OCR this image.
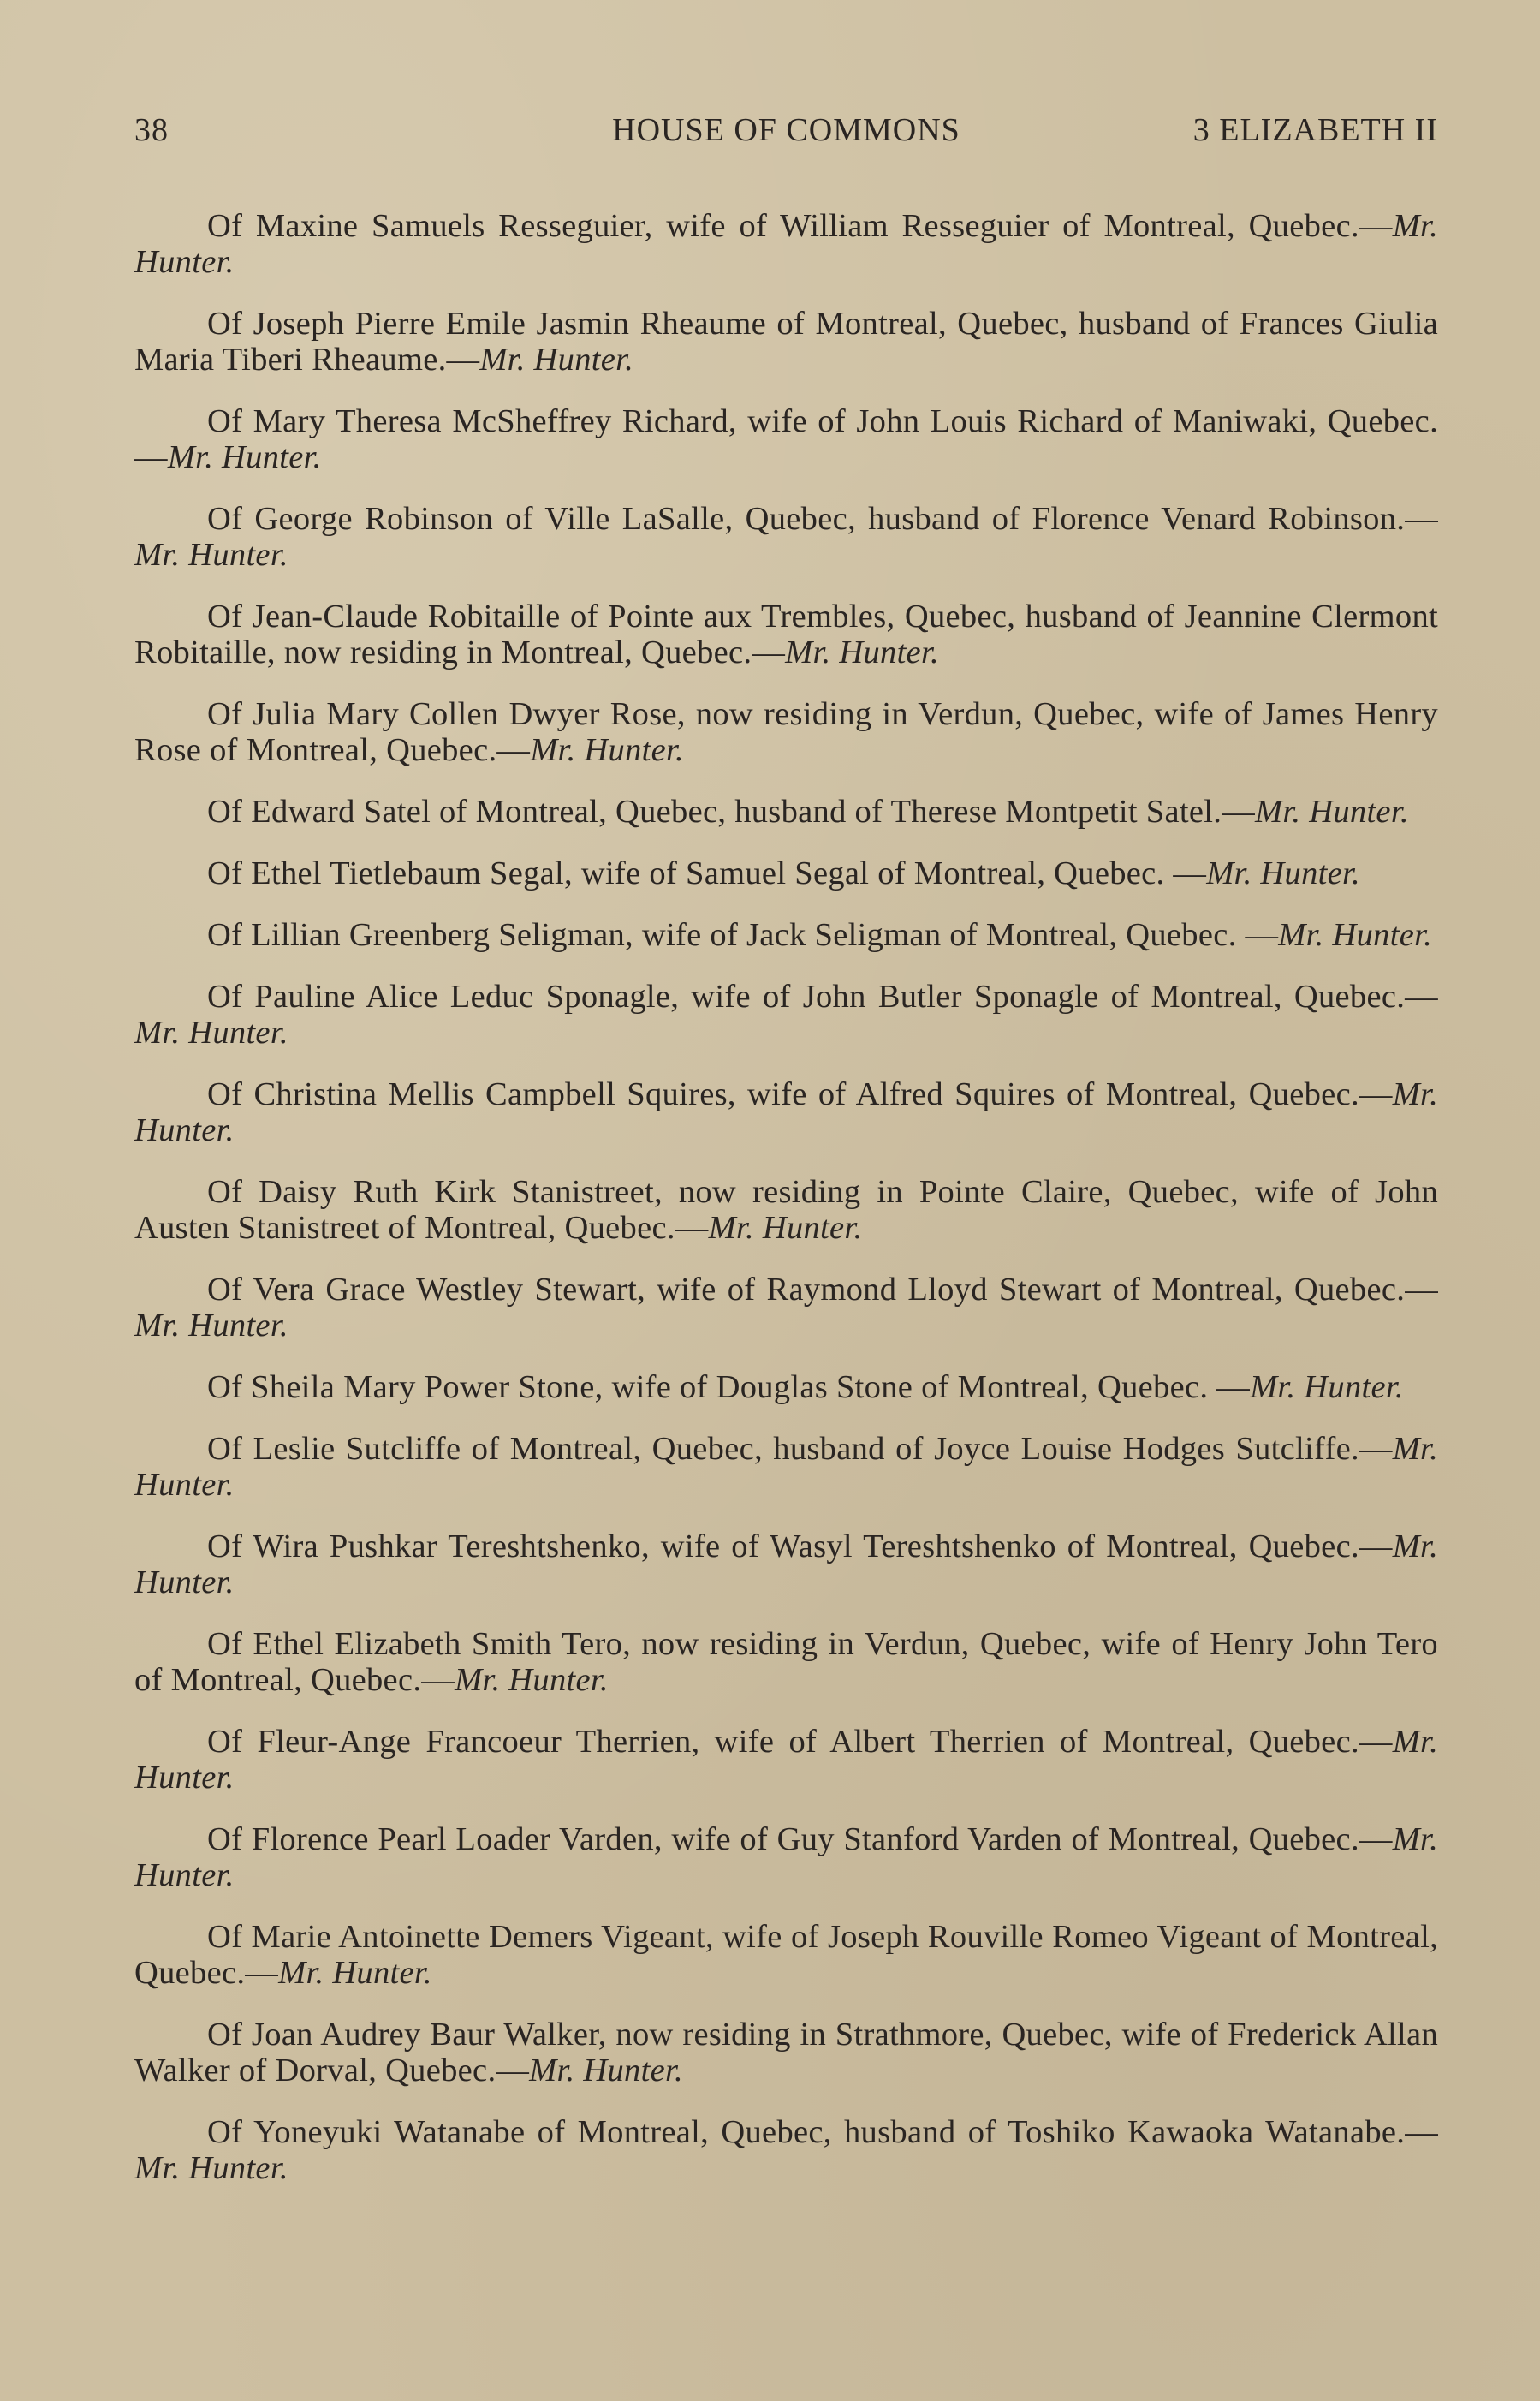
38	HOUSE OF COMMONS	3 ELIZABETH II

Of Maxine Samuels Resseguier, wife of William Resseguier of Montreal, Quebec.—Mr. Hunter.

Of Joseph Pierre Emile Jasmin Rheaume of Montreal, Quebec, husband of Frances Giulia Maria Tiberi Rheaume.—Mr. Hunter.

Of Mary Theresa McSheffrey Richard, wife of John Louis Richard of Maniwaki, Quebec.—Mr. Hunter.

Of George Robinson of Ville LaSalle, Quebec, husband of Florence Venard Robinson.—Mr. Hunter.

Of Jean-Claude Robitaille of Pointe aux Trembles, Quebec, husband of Jeannine Clermont Robitaille, now residing in Montreal, Quebec.—Mr. Hunter.

Of Julia Mary Collen Dwyer Rose, now residing in Verdun, Quebec, wife of James Henry Rose of Montreal, Quebec.—Mr. Hunter.

Of Edward Satel of Montreal, Quebec, husband of Therese Montpetit Satel.—Mr. Hunter.

Of Ethel Tietlebaum Segal, wife of Samuel Segal of Montreal, Quebec. —Mr. Hunter.

Of Lillian Greenberg Seligman, wife of Jack Seligman of Montreal, Quebec. —Mr. Hunter.

Of Pauline Alice Leduc Sponagle, wife of John Butler Sponagle of Montreal, Quebec.—Mr. Hunter.

Of Christina Mellis Campbell Squires, wife of Alfred Squires of Montreal, Quebec.—Mr. Hunter.

Of Daisy Ruth Kirk Stanistreet, now residing in Pointe Claire, Quebec, wife of John Austen Stanistreet of Montreal, Quebec.—Mr. Hunter.

Of Vera Grace Westley Stewart, wife of Raymond Lloyd Stewart of Montreal, Quebec.—Mr. Hunter.

Of Sheila Mary Power Stone, wife of Douglas Stone of Montreal, Quebec. —Mr. Hunter.

Of Leslie Sutcliffe of Montreal, Quebec, husband of Joyce Louise Hodges Sutcliffe.—Mr. Hunter.

Of Wira Pushkar Tereshtshenko, wife of Wasyl Tereshtshenko of Montreal, Quebec.—Mr. Hunter.

Of Ethel Elizabeth Smith Tero, now residing in Verdun, Quebec, wife of Henry John Tero of Montreal, Quebec.—Mr. Hunter.

Of Fleur-Ange Francoeur Therrien, wife of Albert Therrien of Montreal, Quebec.—Mr. Hunter.

Of Florence Pearl Loader Varden, wife of Guy Stanford Varden of Montreal, Quebec.—Mr. Hunter.

Of Marie Antoinette Demers Vigeant, wife of Joseph Rouville Romeo Vigeant of Montreal, Quebec.—Mr. Hunter.

Of Joan Audrey Baur Walker, now residing in Strathmore, Quebec, wife of Frederick Allan Walker of Dorval, Quebec.—Mr. Hunter.

Of Yoneyuki Watanabe of Montreal, Quebec, husband of Toshiko Kawaoka Watanabe.—Mr. Hunter.
